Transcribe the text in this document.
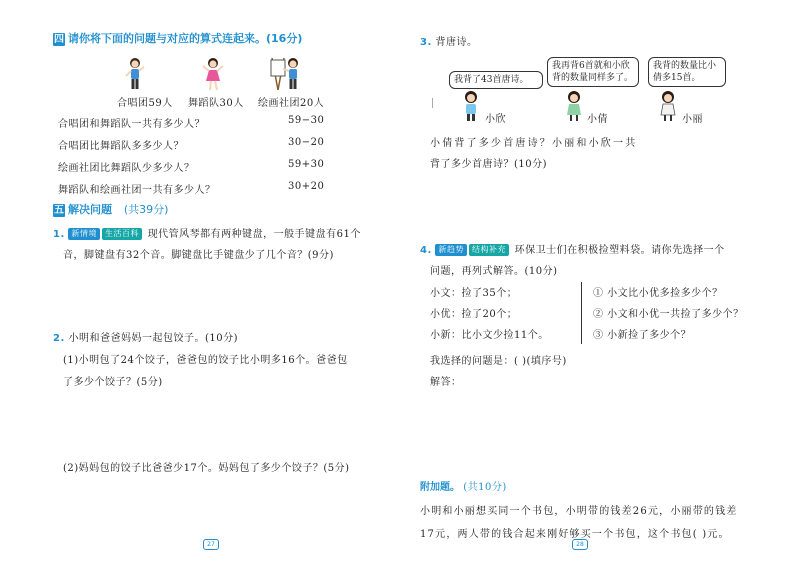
四 请你将下面的问题与对应的算式连起来。(16分)
合唱团59人 舞蹈队30人 绘画社团20人
合唱团和舞蹈队一共有多少人？
合唱团比舞蹈队多多少人？
绘画社团比舞蹈队少多少人？
舞蹈队和绘画社团一共有多少人？
59−30
30−20
59+30
30+20
五 解决问题 (共39分)
1. 新情境 生活百科 现代管风琴都有两种键盘，一般手键盘有61个
音，脚键盘有32个音。脚键盘比手键盘少了几个音？(9分)
2. 小明和爸爸妈妈一起包饺子。(10分)
(1)小明包了24个饺子，爸爸包的饺子比小明多16个。爸爸包
了多少个饺子？(5分)
(2)妈妈包的饺子比爸爸少17个。妈妈包了多少个饺子？(5分)
27
3. 背唐诗。
我背了43首唐诗。
我再背6首就和小欣背的数量同样多了。
我背的数量比小倩多15首。
小欣	小倩	小丽
小倩背了多少首唐诗？小丽和小欣一共
背了多少首唐诗？(10分)
4. 新趋势 结构补充 环保卫士们在积极捡塑料袋。请你先选择一个
问题，再列式解答。(10分)
小文：捡了35个；
小优：捡了20个；
小新：比小文少捡11个。
① 小文比小优多捡多少个？
② 小文和小优一共捡了多少个？
③ 小新捡了多少个？
我选择的问题是：( )(填序号)
解答：
附加题。 (共10分)
小明和小丽想买同一个书包，小明带的钱差26元，小丽带的钱差
17元，两人带的钱合起来刚好够买一个书包，这个书包( )元。
28
